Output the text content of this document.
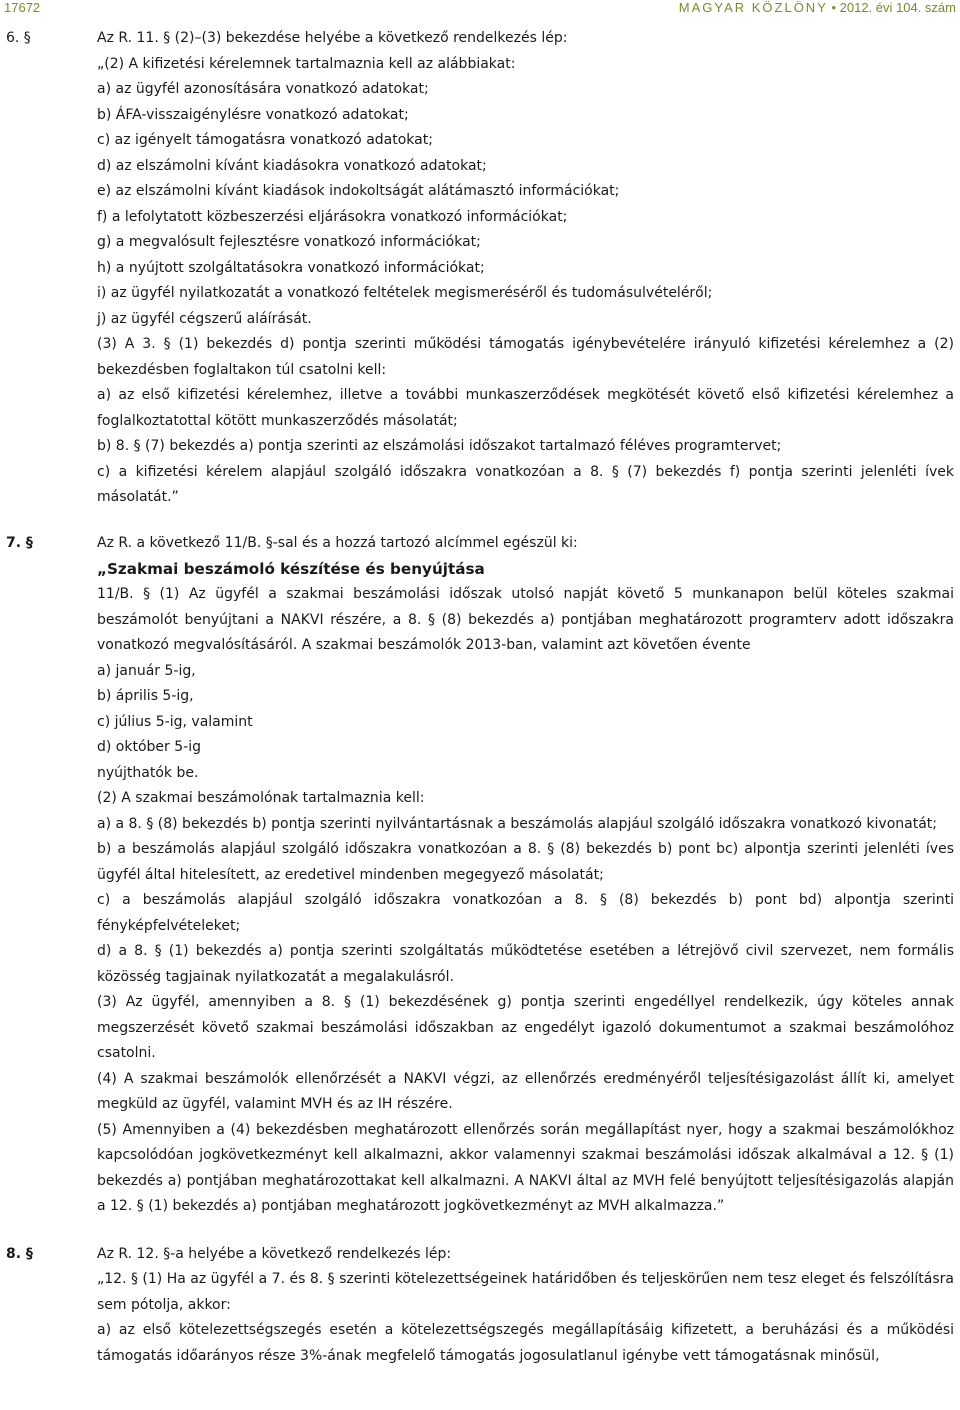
17672	MAGYAR KÖZLÖNY • 2012. évi 104. szám
6. §	Az R. 11. § (2)–(3) bekezdése helyébe a következő rendelkezés lép:

„(2) A kifizetési kérelemnek tartalmaznia kell az alábbiakat:

a) az ügyfél azonosítására vonatkozó adatokat;

b) ÁFA-visszaigénylésre vonatkozó adatokat;

c) az igényelt támogatásra vonatkozó adatokat;

d) az elszámolni kívánt kiadásokra vonatkozó adatokat;

e) az elszámolni kívánt kiadások indokoltságát alátámasztó információkat;

f) a lefolytatott közbeszerzési eljárásokra vonatkozó információkat;

g) a megvalósult fejlesztésre vonatkozó információkat;

h) a nyújtott szolgáltatásokra vonatkozó információkat;

i) az ügyfél nyilatkozatát a vonatkozó feltételek megismeréséről és tudomásulvételéről;

j) az ügyfél cégszerű aláírását.

(3) A 3. § (1) bekezdés d) pontja szerinti működési támogatás igénybevételére irányuló kifizetési kérelemhez a (2) bekezdésben foglaltakon túl csatolni kell:

a) az első kifizetési kérelemhez, illetve a további munkaszerződések megkötését követő első kifizetési kérelemhez a foglalkoztatottal kötött munkaszerződés másolatát;

b) 8. § (7) bekezdés a) pontja szerinti az elszámolási időszakot tartalmazó féléves programtervet;

c) a kifizetési kérelem alapjául szolgáló időszakra vonatkozóan a 8. § (7) bekezdés f) pontja szerinti jelenléti ívek másolatát.”

7. §	Az R. a következő 11/B. §-sal és a hozzá tartozó alcímmel egészül ki:

„Szakmai beszámoló készítése és benyújtása

11/B. § (1) Az ügyfél a szakmai beszámolási időszak utolsó napját követő 5 munkanapon belül köteles szakmai beszámolót benyújtani a NAKVI részére, a 8. § (8) bekezdés a) pontjában meghatározott programterv adott időszakra vonatkozó megvalósításáról. A szakmai beszámolók 2013-ban, valamint azt követően évente

a) január 5-ig,

b) április 5-ig,

c) július 5-ig, valamint

d) október 5-ig

nyújthatók be.

(2) A szakmai beszámolónak tartalmaznia kell:

a) a 8. § (8) bekezdés b) pontja szerinti nyilvántartásnak a beszámolás alapjául szolgáló időszakra vonatkozó kivonatát;

b) a beszámolás alapjául szolgáló időszakra vonatkozóan a 8. § (8) bekezdés b) pont bc) alpontja szerinti jelenléti íves ügyfél által hitelesített, az eredetivel mindenben megegyező másolatát;

c) a beszámolás alapjául szolgáló időszakra vonatkozóan a 8. § (8) bekezdés b) pont bd) alpontja szerinti fényképfelvételeket;

d) a 8. § (1) bekezdés a) pontja szerinti szolgáltatás működtetése esetében a létrejövő civil szervezet, nem formális közösség tagjainak nyilatkozatát a megalakulásról.

(3) Az ügyfél, amennyiben a 8. § (1) bekezdésének g) pontja szerinti engedéllyel rendelkezik, úgy köteles annak megszerzését követő szakmai beszámolási időszakban az engedélyt igazoló dokumentumot a szakmai beszámolóhoz csatolni.

(4) A szakmai beszámolók ellenőrzését a NAKVI végzi, az ellenőrzés eredményéről teljesítésigazolást állít ki, amelyet megküld az ügyfél, valamint MVH és az IH részére.

(5) Amennyiben a (4) bekezdésben meghatározott ellenőrzés során megállapítást nyer, hogy a szakmai beszámolókhoz kapcsolódóan jogkövetkezményt kell alkalmazni, akkor valamennyi szakmai beszámolási időszak alkalmával a 12. § (1) bekezdés a) pontjában meghatározottakat kell alkalmazni. A NAKVI által az MVH felé benyújtott teljesítésigazolás alapján a 12. § (1) bekezdés a) pontjában meghatározott jogkövetkezményt az MVH alkalmazza.”

8. §	Az R. 12. §-a helyébe a következő rendelkezés lép:

„12. § (1) Ha az ügyfél a 7. és 8. § szerinti kötelezettségeinek határidőben és teljeskörűen nem tesz eleget és felszólításra sem pótolja, akkor:

a) az első kötelezettségszegés esetén a kötelezettségszegés megállapításáig kifizetett, a beruházási és a működési támogatás időarányos része 3%-ának megfelelő támogatás jogosulatlanul igénybe vett támogatásnak minősül,
